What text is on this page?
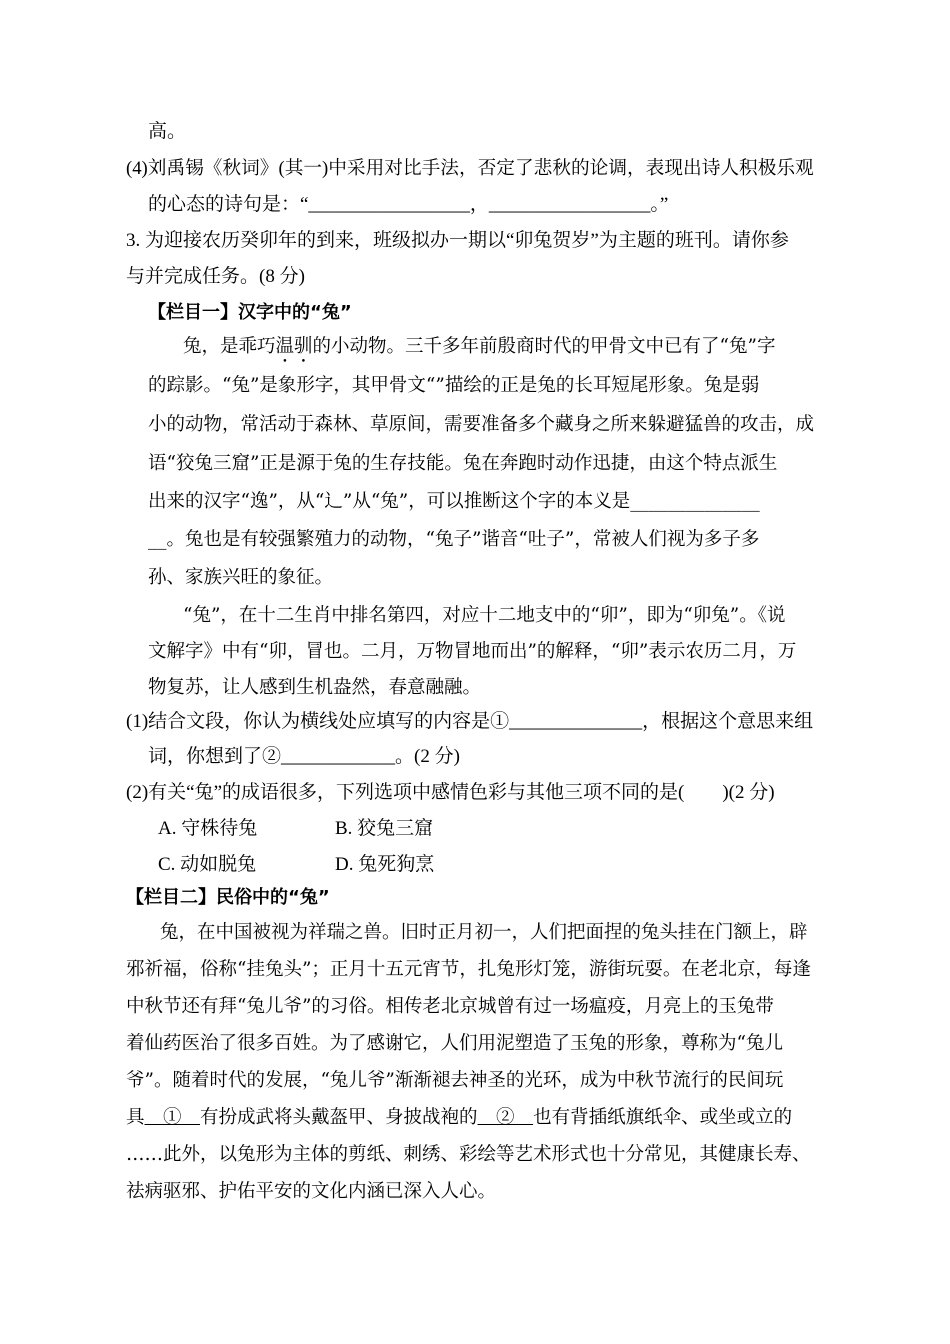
高。
(4)刘禹锡《秋词》(其一)中采用对比手法，否定了悲秋的论调，表现出诗人积极乐观
的心态的诗句是：“_________________，_________________。”
3. 为迎接农历癸卯年的到来，班级拟办一期以“卯兔贺岁”为主题的班刊。请你参
与并完成任务。(8 分)
【栏目一】汉字中的“兔”
兔，是乖巧温驯的小动物。三千多年前殷商时代的甲骨文中已有了“兔”字
的踪影。“兔”是象形字，其甲骨文“”描绘的正是兔的长耳短尾形象。兔是弱
小的动物，常活动于森林、草原间，需要准备多个藏身之所来躲避猛兽的攻击，成
语“狡兔三窟”正是源于兔的生存技能。兔在奔跑时动作迅捷，由这个特点派生
出来的汉字“逸”，从“辶”从“兔”，可以推断这个字的本义是______________
__。兔也是有较强繁殖力的动物，“兔子”谐音“吐子”，常被人们视为多子多
孙、家族兴旺的象征。
“兔”，在十二生肖中排名第四，对应十二地支中的“卯”，即为“卯兔”。《说
文解字》中有“卯，冒也。二月，万物冒地而出”的解释，“卯”表示农历二月，万
物复苏，让人感到生机盎然，春意融融。
(1)结合文段，你认为横线处应填写的内容是①______________，根据这个意思来组
词，你想到了②____________。(2 分)
(2)有关“兔”的成语很多，下列选项中感情色彩与其他三项不同的是(　　)(2 分)
A. 守株待兔	B. 狡兔三窟
C. 动如脱兔	D. 兔死狗烹
【栏目二】民俗中的“兔”
兔，在中国被视为祥瑞之兽。旧时正月初一，人们把面捏的兔头挂在门额上，辟
邪祈福，俗称“挂兔头”；正月十五元宵节，扎兔形灯笼，游街玩耍。在老北京，每逢
中秋节还有拜“兔儿爷”的习俗。相传老北京城曾有过一场瘟疫，月亮上的玉兔带
着仙药医治了很多百姓。为了感谢它，人们用泥塑造了玉兔的形象，尊称为“兔儿
爷”。随着时代的发展，“兔儿爷”渐渐褪去神圣的光环，成为中秋节流行的民间玩
具　①　有扮成武将头戴盔甲、身披战袍的　②　也有背插纸旗纸伞、或坐或立的
……此外，以兔形为主体的剪纸、刺绣、彩绘等艺术形式也十分常见，其健康长寿、
祛病驱邪、护佑平安的文化内涵已深入人心。
